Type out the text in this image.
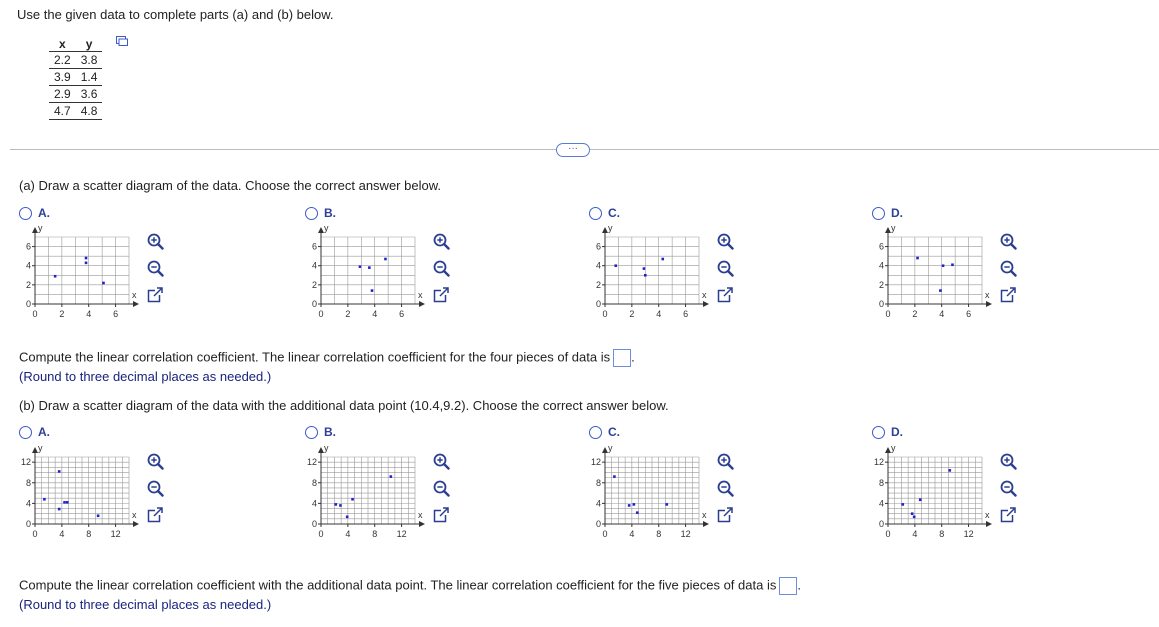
Use the given data to complete parts (a) and (b) below.
x	y
2.2	3.8
3.9	1.4
2.9	3.6
4.7	4.8
···
(a) Draw a scatter diagram of the data. Choose the correct answer below.
A.
x
y
0 2 4 6
0
2
4
6
B.
x
y
0 2 4 6
0
2
4
6
C.
x
y
0 2 4 6
0
2
4
6
D.
x
y
0 2 4 6
0
2
4
6
Compute the linear correlation coefficient. The linear correlation coefficient for the four pieces of data is .
(Round to three decimal places as needed.)
(b) Draw a scatter diagram of the data with the additional data point (10.4,9.2). Choose the correct answer below.
A.
x
y
0 4 8 12
0
4
8
12
B.
x
y
0 4 8 12
0
4
8
12
C.
x
y
0 4 8 12
0
4
8
12
D.
x
y
0 4 8 12
0
4
8
12
Compute the linear correlation coefficient with the additional data point. The linear correlation coefficient for the five pieces of data is .
(Round to three decimal places as needed.)
